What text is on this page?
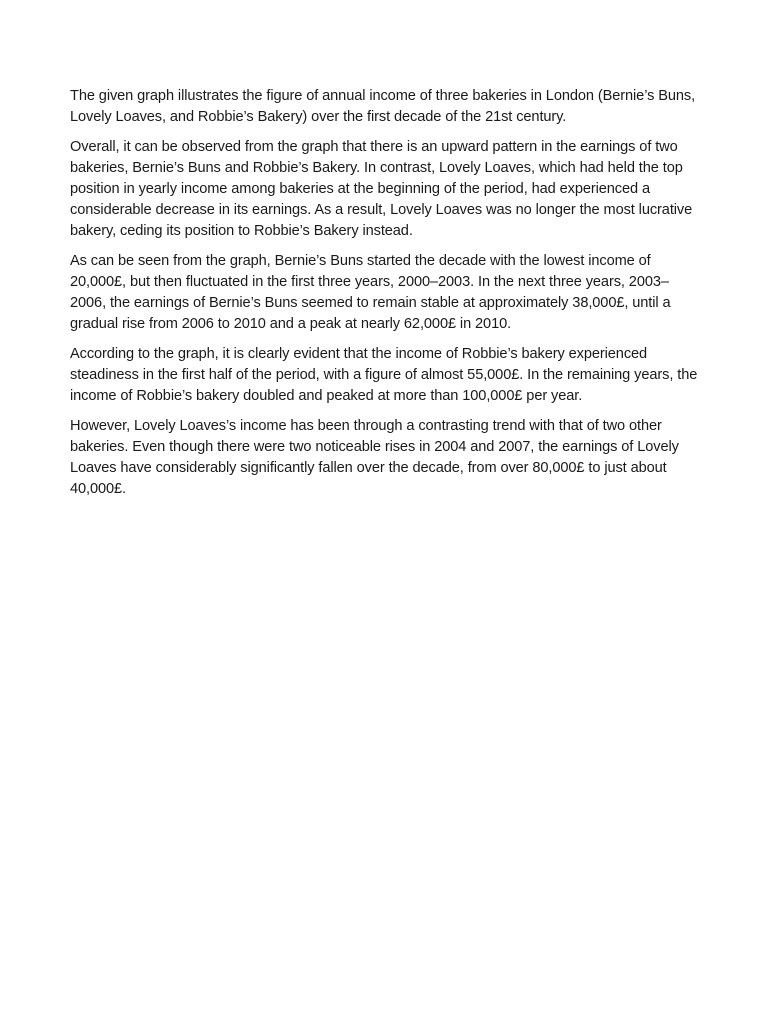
The given graph illustrates the figure of annual income of three bakeries in London (Bernie’s Buns, Lovely Loaves, and Robbie’s Bakery) over the first decade of the 21st century.

Overall, it can be observed from the graph that there is an upward pattern in the earnings of two bakeries, Bernie’s Buns and Robbie’s Bakery. In contrast, Lovely Loaves, which had held the top position in yearly income among bakeries at the beginning of the period, had experienced a considerable decrease in its earnings. As a result, Lovely Loaves was no longer the most lucrative bakery, ceding its position to Robbie’s Bakery instead.

As can be seen from the graph, Bernie’s Buns started the decade with the lowest income of 20,000£, but then fluctuated in the first three years, 2000–2003. In the next three years, 2003–2006, the earnings of Bernie’s Buns seemed to remain stable at approximately 38,000£, until a gradual rise from 2006 to 2010 and a peak at nearly 62,000£ in 2010.

According to the graph, it is clearly evident that the income of Robbie’s bakery experienced steadiness in the first half of the period, with a figure of almost 55,000£. In the remaining years, the income of Robbie’s bakery doubled and peaked at more than 100,000£ per year.

However, Lovely Loaves’s income has been through a contrasting trend with that of two other bakeries. Even though there were two noticeable rises in 2004 and 2007, the earnings of Lovely Loaves have considerably significantly fallen over the decade, from over 80,000£ to just about 40,000£.
